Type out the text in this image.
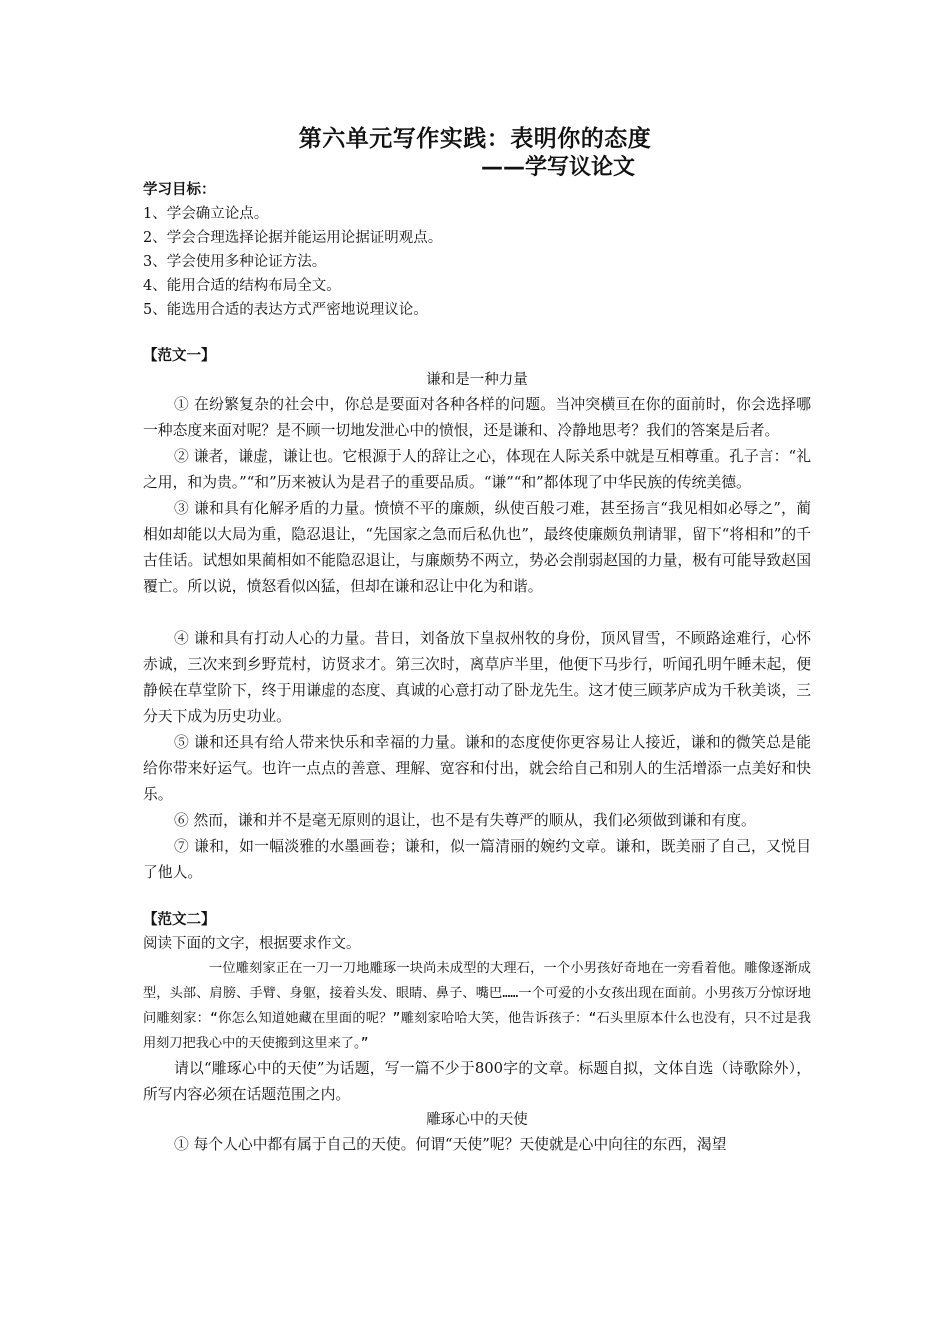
第六单元写作实践：表明你的态度
——学写议论文
学习目标：
1、学会确立论点。
2、学会合理选择论据并能运用论据证明观点。
3、学会使用多种论证方法。
4、能用合适的结构布局全文。
5、能选用合适的表达方式严密地说理议论。
【范文一】
谦和是一种力量

① 在纷繁复杂的社会中，你总是要面对各种各样的问题。当冲突横亘在你的面前时，你会选择哪一种态度来面对呢？是不顾一切地发泄心中的愤恨，还是谦和、冷静地思考？我们的答案是后者。

② 谦者，谦虚，谦让也。它根源于人的辞让之心，体现在人际关系中就是互相尊重。孔子言：“礼之用，和为贵。”“和”历来被认为是君子的重要品质。“谦”“和”都体现了中华民族的传统美德。

③ 谦和具有化解矛盾的力量。愤愤不平的廉颇，纵使百般刁难，甚至扬言“我见相如必辱之”，蔺相如却能以大局为重，隐忍退让，“先国家之急而后私仇也”，最终使廉颇负荆请罪，留下“将相和”的千古佳话。试想如果蔺相如不能隐忍退让，与廉颇势不两立，势必会削弱赵国的力量，极有可能导致赵国覆亡。所以说，愤怒看似凶猛，但却在谦和忍让中化为和谐。

④ 谦和具有打动人心的力量。昔日，刘备放下皇叔州牧的身份，顶风冒雪，不顾路途难行，心怀赤诚，三次来到乡野荒村，访贤求才。第三次时，离草庐半里，他便下马步行，听闻孔明午睡未起，便静候在草堂阶下，终于用谦虚的态度、真诚的心意打动了卧龙先生。这才使三顾茅庐成为千秋美谈，三分天下成为历史功业。

⑤ 谦和还具有给人带来快乐和幸福的力量。谦和的态度使你更容易让人接近，谦和的微笑总是能给你带来好运气。也许一点点的善意、理解、宽容和付出，就会给自己和别人的生活增添一点美好和快乐。

⑥ 然而，谦和并不是毫无原则的退让，也不是有失尊严的顺从，我们必须做到谦和有度。

⑦ 谦和，如一幅淡雅的水墨画卷；谦和，似一篇清丽的婉约文章。谦和，既美丽了自己，又悦目了他人。

【范文二】
阅读下面的文字，根据要求作文。

一位雕刻家正在一刀一刀地雕琢一块尚未成型的大理石，一个小男孩好奇地在一旁看着他。雕像逐渐成型，头部、肩膀、手臂、身躯，接着头发、眼睛、鼻子、嘴巴……一个可爱的小女孩出现在面前。小男孩万分惊讶地问雕刻家：“你怎么知道她藏在里面的呢？”雕刻家哈哈大笑，他告诉孩子：“石头里原本什么也没有，只不过是我用刻刀把我心中的天使搬到这里来了。”

请以“雕琢心中的天使”为话题，写一篇不少于800字的文章。标题自拟，文体自选（诗歌除外），所写内容必须在话题范围之内。

雕琢心中的天使

① 每个人心中都有属于自己的天使。何谓“天使”呢？天使就是心中向往的东西，渴望
